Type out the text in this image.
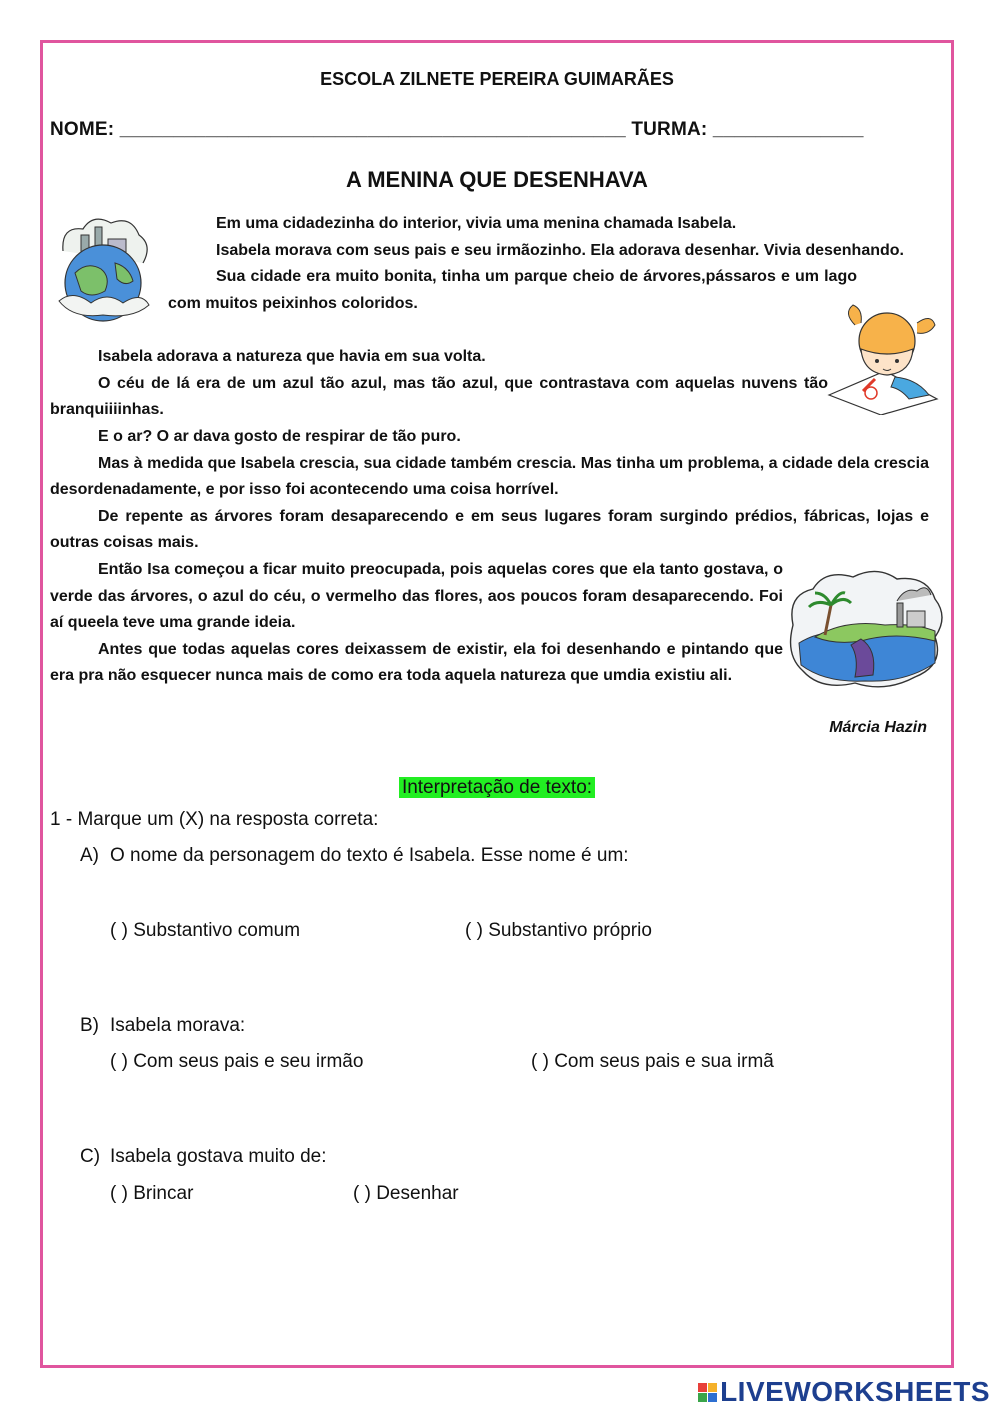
ESCOLA ZILNETE PEREIRA GUIMARÃES

NOME: _______________________________________________ TURMA: ______________

A MENINA QUE DESENHAVA

Em uma cidadezinha do interior, vivia uma menina chamada Isabela.

Isabela morava com seus pais e seu irmãozinho. Ela adorava desenhar. Vivia desenhando.

Sua cidade era muito bonita, tinha um parque cheio de árvores,pássaros e um lago com muitos peixinhos coloridos.

Isabela adorava a natureza que havia em sua volta.

O céu de lá era de um azul tão azul, mas tão azul, que contrastava com aquelas nuvens tão branquiiiinhas.

E o ar? O ar dava gosto de respirar de tão puro.

Mas à medida que Isabela crescia, sua cidade também crescia. Mas tinha um problema, a cidade dela crescia desordenadamente, e por isso foi acontecendo uma coisa horrível.

De repente as árvores foram desaparecendo e em seus lugares foram surgindo prédios, fábricas, lojas e outras coisas mais.

Então Isa começou a ficar muito preocupada, pois aquelas cores que ela tanto gostava, o verde das árvores, o azul do céu, o vermelho das flores, aos poucos foram desaparecendo. Foi aí queela teve uma grande ideia.

Antes que todas aquelas cores deixassem de existir, ela foi desenhando e pintando que era pra não esquecer nunca mais de como era toda aquela natureza que umdia existiu ali.

Márcia Hazin

Interpretação de texto:

1 - Marque um (X) na resposta correta:

A) O nome da personagem do texto é Isabela. Esse nome é um:

( ) Substantivo comum	( ) Substantivo próprio

B) Isabela morava:

( ) Com seus pais e seu irmão	( ) Com seus pais e sua irmã

C) Isabela gostava muito de:

( ) Brincar	( ) Desenhar

LIVEWORKSHEETS
